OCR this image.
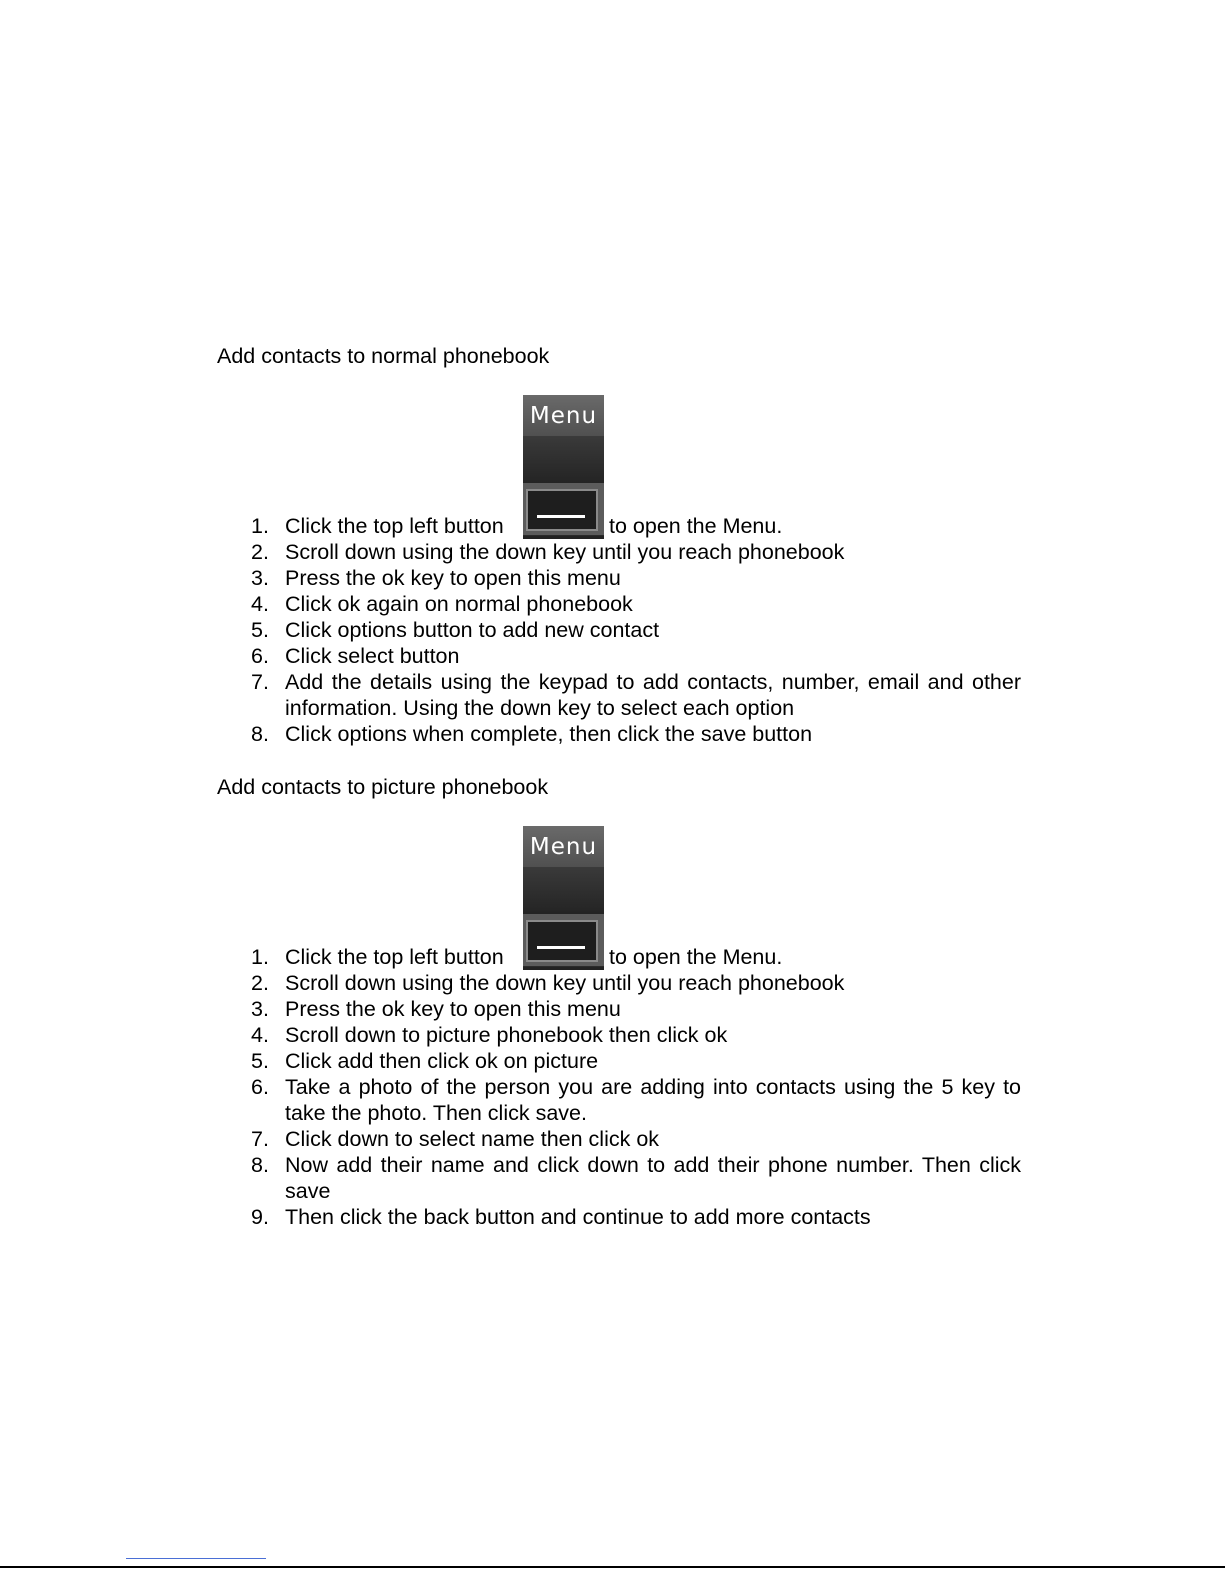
Add contacts to normal phonebook
Menu
1. Click the top left button	to open the Menu.
2. Scroll down using the down key until you reach phonebook
3. Press the ok key to open this menu
4. Click ok again on normal phonebook
5. Click options button to add new contact
6. Click select button
7. Add the details using the keypad to add contacts, number, email and other information. Using the down key to select each option
8. Click options when complete, then click the save button
Add contacts to picture phonebook
Menu
1. Click the top left button	to open the Menu.
2. Scroll down using the down key until you reach phonebook
3. Press the ok key to open this menu
4. Scroll down to picture phonebook then click ok
5. Click add then click ok on picture
6. Take a photo of the person you are adding into contacts using the 5 key to take the photo. Then click save.
7. Click down to select name then click ok
8. Now add their name and click down to add their phone number. Then click save
9. Then click the back button and continue to add more contacts
